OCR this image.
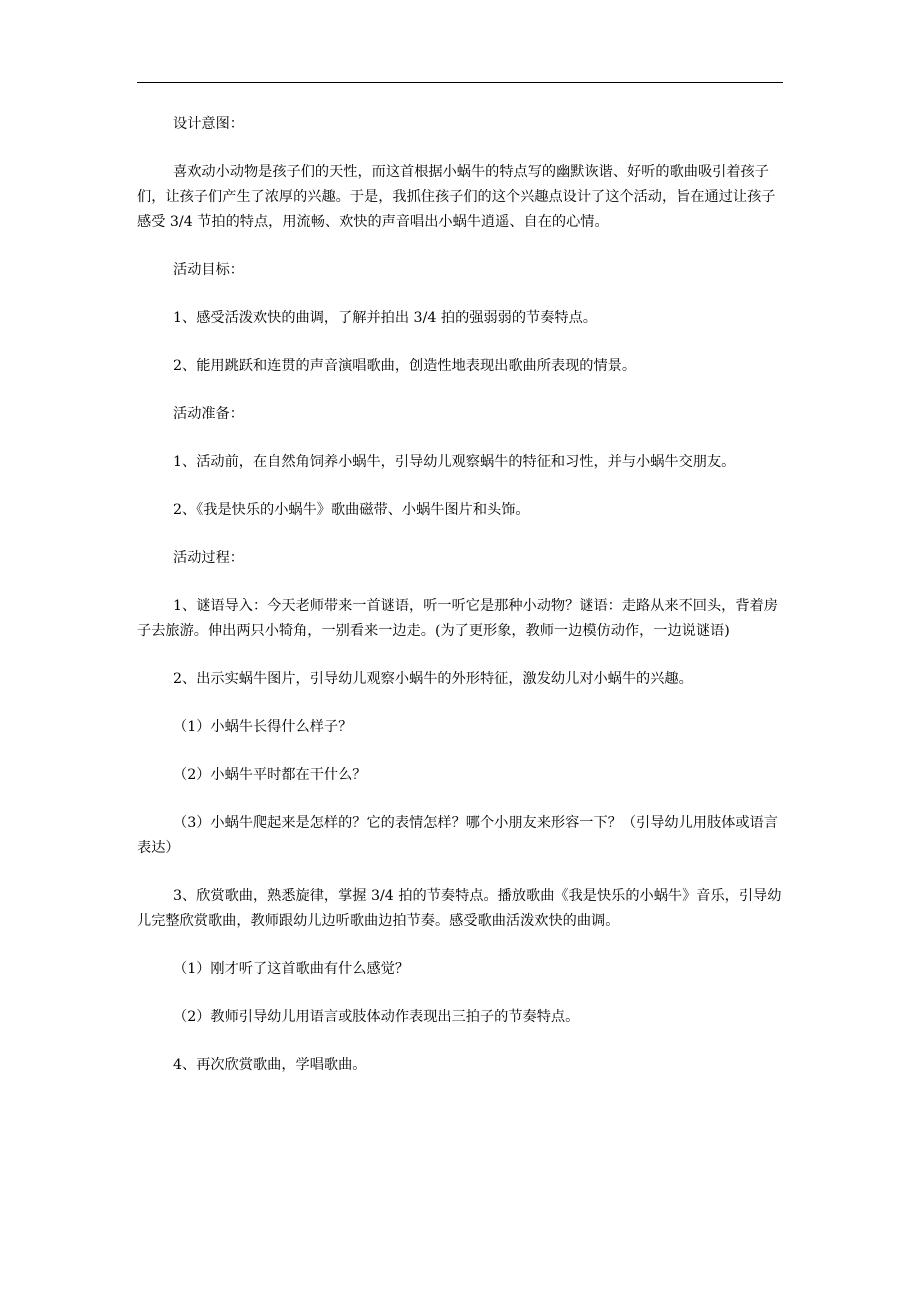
设计意图：

喜欢动小动物是孩子们的天性，而这首根据小蜗牛的特点写的幽默诙谐、好听的歌曲吸引着孩子们，让孩子们产生了浓厚的兴趣。于是，我抓住孩子们的这个兴趣点设计了这个活动，旨在通过让孩子感受 3/4 节拍的特点，用流畅、欢快的声音唱出小蜗牛逍遥、自在的心情。

活动目标：

1、感受活泼欢快的曲调，了解并拍出 3/4 拍的强弱弱的节奏特点。

2、能用跳跃和连贯的声音演唱歌曲，创造性地表现出歌曲所表现的情景。

活动准备：

1、活动前，在自然角饲养小蜗牛，引导幼儿观察蜗牛的特征和习性，并与小蜗牛交朋友。

2、《我是快乐的小蜗牛》歌曲磁带、小蜗牛图片和头饰。

活动过程：

1、谜语导入：今天老师带来一首谜语，听一听它是那种小动物？谜语：走路从来不回头，背着房子去旅游。伸出两只小犄角，一别看来一边走。(为了更形象，教师一边模仿动作，一边说谜语)

2、出示实蜗牛图片，引导幼儿观察小蜗牛的外形特征，激发幼儿对小蜗牛的兴趣。

（1）小蜗牛长得什么样子？

（2）小蜗牛平时都在干什么？

（3）小蜗牛爬起来是怎样的？它的表情怎样？哪个小朋友来形容一下？（引导幼儿用肢体或语言表达）

3、欣赏歌曲，熟悉旋律，掌握 3/4 拍的节奏特点。播放歌曲《我是快乐的小蜗牛》音乐，引导幼儿完整欣赏歌曲，教师跟幼儿边听歌曲边拍节奏。感受歌曲活泼欢快的曲调。

（1）刚才听了这首歌曲有什么感觉？

（2）教师引导幼儿用语言或肢体动作表现出三拍子的节奏特点。

4、再次欣赏歌曲，学唱歌曲。
